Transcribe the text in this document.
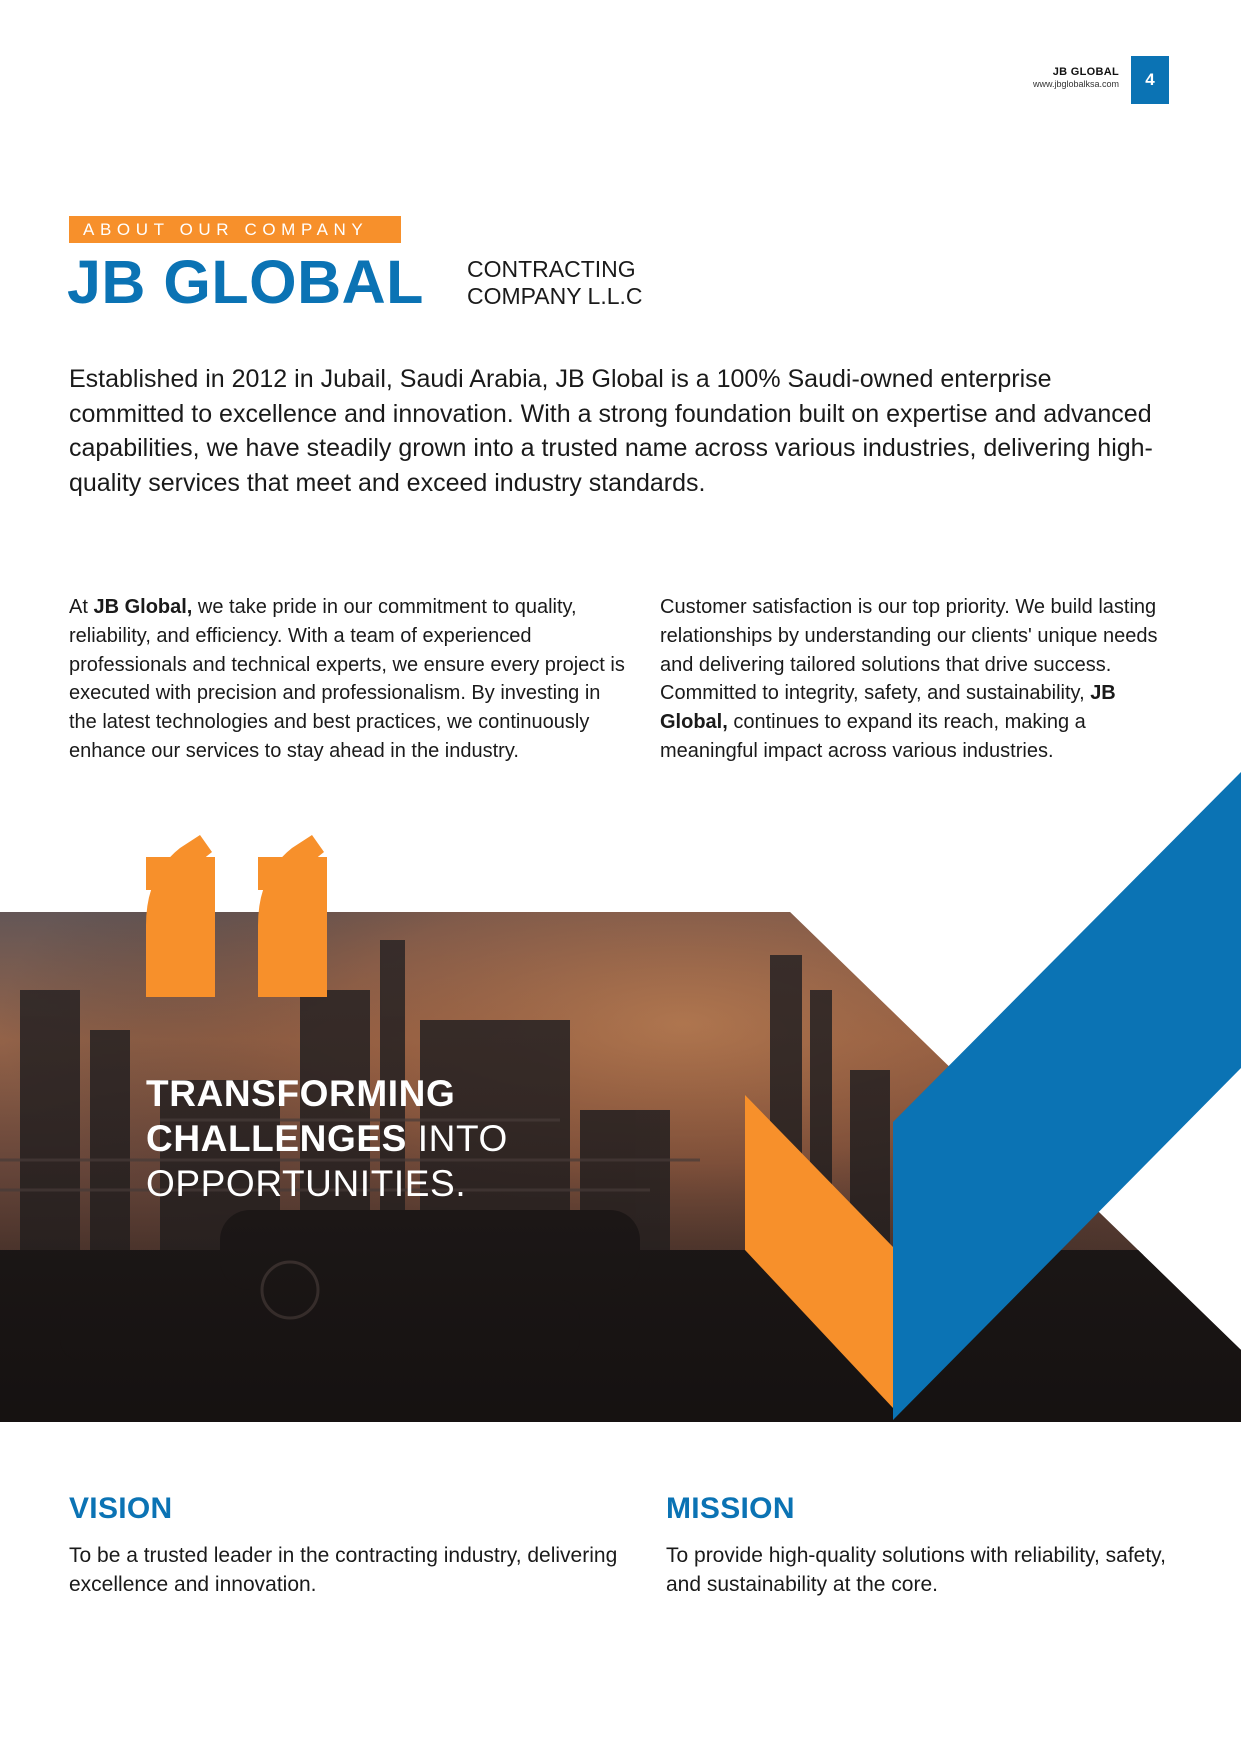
JB GLOBAL
www.jbglobalksa.com	4
ABOUT OUR COMPANY
JB GLOBAL CONTRACTING
COMPANY L.L.C

Established in 2012 in Jubail, Saudi Arabia, JB Global is a 100% Saudi-owned enterprise committed to excellence and innovation. With a strong foundation built on expertise and advanced capabilities, we have steadily grown into a trusted name across various industries, delivering high-quality services that meet and exceed industry standards.

At JB Global, we take pride in our commitment to quality, reliability, and efficiency. With a team of experienced professionals and technical experts, we ensure every project is executed with precision and professionalism. By investing in the latest technologies and best practices, we continuously enhance our services to stay ahead in the industry.

Customer satisfaction is our top priority. We build lasting relationships by understanding our clients' unique needs and delivering tailored solutions that drive success. Committed to integrity, safety, and sustainability, JB Global, continues to expand its reach, making a meaningful impact across various industries.

TRANSFORMING
CHALLENGES INTO
OPPORTUNITIES.
VISION

To be a trusted leader in the contracting industry, delivering excellence and innovation.

MISSION

To provide high-quality solutions with reliability, safety, and sustainability at the core.
